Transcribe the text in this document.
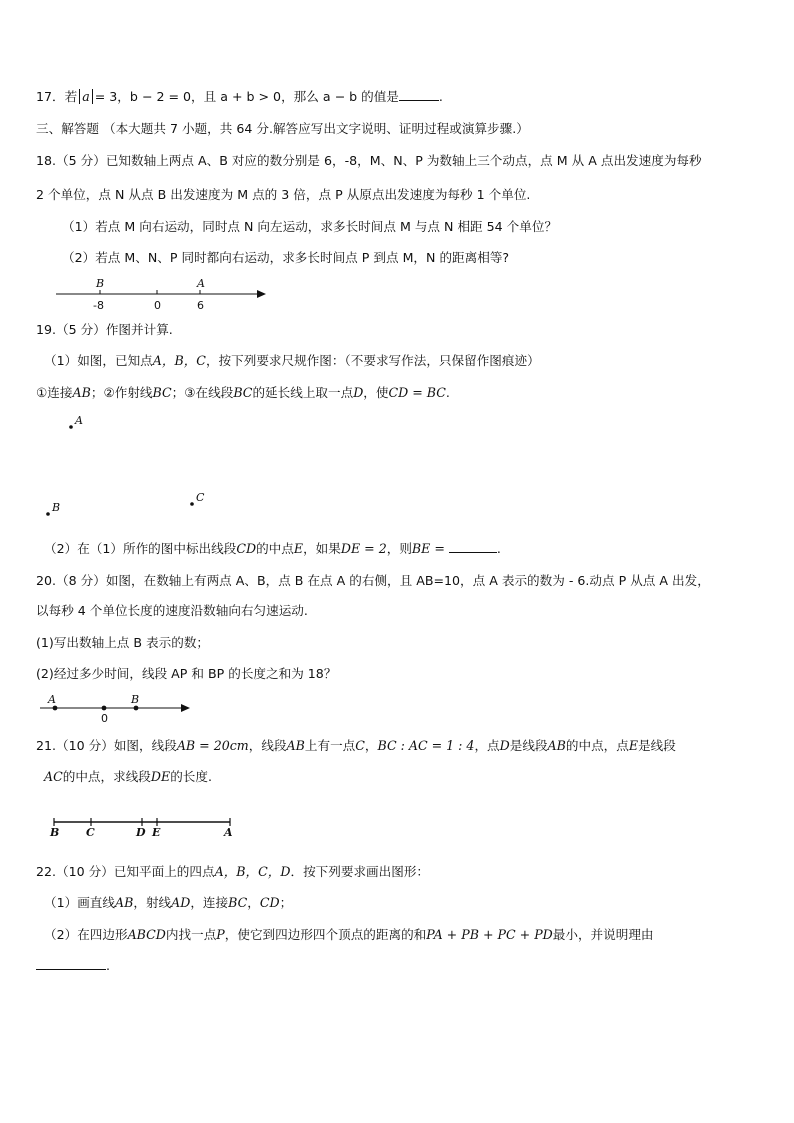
17．若 a = 3，b − 2 = 0，且 a + b > 0，那么 a − b 的值是	.
三、解答题 （本大题共 7 小题，共 64 分.解答应写出文字说明、证明过程或演算步骤.）
18.（5 分）已知数轴上两点 A、B 对应的数分别是 6，-8，M、N、P 为数轴上三个动点，点 M 从 A 点出发速度为每秒
2 个单位，点 N 从点 B 出发速度为 M 点的 3 倍，点 P 从原点出发速度为每秒 1 个单位.
（1）若点 M 向右运动，同时点 N 向左运动，求多长时间点 M 与点 N 相距 54 个单位？
（2）若点 M、N、P 同时都向右运动，求多长时间点 P 到点 M，N 的距离相等?
B	A
-8	0	6
19.（5 分）作图并计算.
（1）如图，已知点A，B，C，按下列要求尺规作图：（不要求写作法，只保留作图痕迹）
①连接AB；②作射线BC；③在线段BC的延长线上取一点D，使CD = BC.
A
B
C
（2）在（1）所作的图中标出线段CD的中点E，如果DE = 2，则BE =	.
20.（8 分）如图，在数轴上有两点 A、B，点 B 在点 A 的右侧，且 AB=10，点 A 表示的数为 - 6.动点 P 从点 A 出发，
以每秒 4 个单位长度的速度沿数轴向右匀速运动.
(1)写出数轴上点 B 表示的数；
(2)经过多少时间，线段 AP 和 BP 的长度之和为 18？
A	B
0
21.（10 分）如图，线段AB = 20cm，线段AB上有一点C，BC : AC = 1 : 4，点D是线段AB的中点，点E是线段
AC的中点，求线段DE的长度.
B C	D E	A
22.（10 分）已知平面上的四点A，B，C，D．按下列要求画出图形：
（1）画直线AB，射线AD，连接BC，CD；
（2）在四边形ABCD内找一点P，使它到四边形四个顶点的距离的和PA + PB + PC + PD最小，并说明理由
.
